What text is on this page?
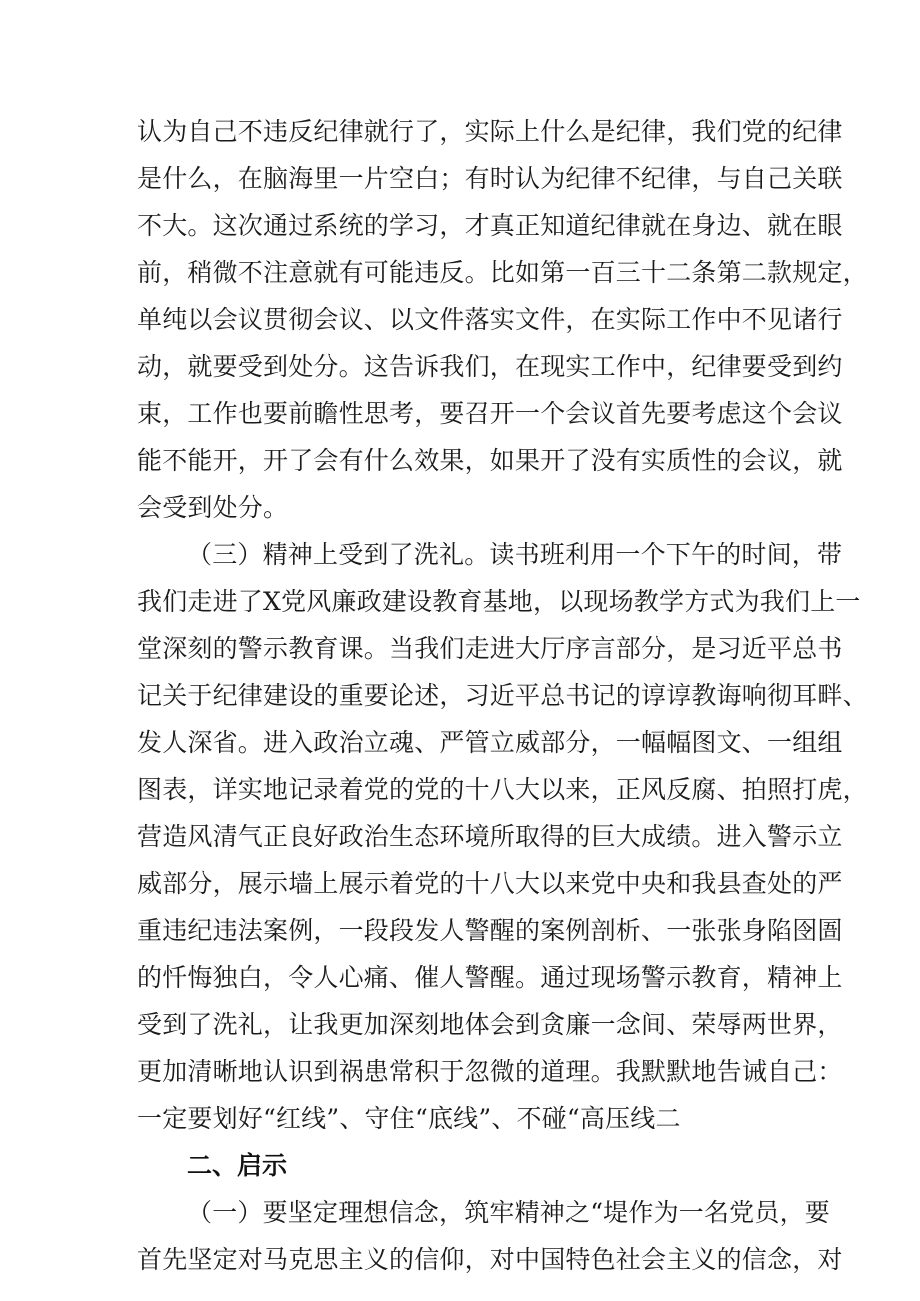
认为自己不违反纪律就行了，实际上什么是纪律，我们党的纪律
是什么，在脑海里一片空白；有时认为纪律不纪律，与自己关联
不大。这次通过系统的学习，才真正知道纪律就在身边、就在眼
前，稍微不注意就有可能违反。比如第一百三十二条第二款规定，
单纯以会议贯彻会议、以文件落实文件，在实际工作中不见诸行
动，就要受到处分。这告诉我们，在现实工作中，纪律要受到约
束，工作也要前瞻性思考，要召开一个会议首先要考虑这个会议
能不能开，开了会有什么效果，如果开了没有实质性的会议，就
会受到处分。
（三）精神上受到了洗礼。读书班利用一个下午的时间，带
我们走进了X党风廉政建设教育基地，以现场教学方式为我们上一
堂深刻的警示教育课。当我们走进大厅序言部分，是习近平总书
记关于纪律建设的重要论述，习近平总书记的谆谆教诲响彻耳畔、
发人深省。进入政治立魂、严管立威部分，一幅幅图文、一组组
图表，详实地记录着党的党的十八大以来，正风反腐、拍照打虎，
营造风清气正良好政治生态环境所取得的巨大成绩。进入警示立
威部分，展示墙上展示着党的十八大以来党中央和我县查处的严
重违纪违法案例，一段段发人警醒的案例剖析、一张张身陷囹圄
的忏悔独白，令人心痛、催人警醒。通过现场警示教育，精神上
受到了洗礼，让我更加深刻地体会到贪廉一念间、荣辱两世界，
更加清晰地认识到祸患常积于忽微的道理。我默默地告诫自己：
一定要划好“红线”、守住“底线”、不碰“高压线二
二、启示
（一）要坚定理想信念，筑牢精神之“堤作为一名党员，要
首先坚定对马克思主义的信仰，对中国特色社会主义的信念，对
